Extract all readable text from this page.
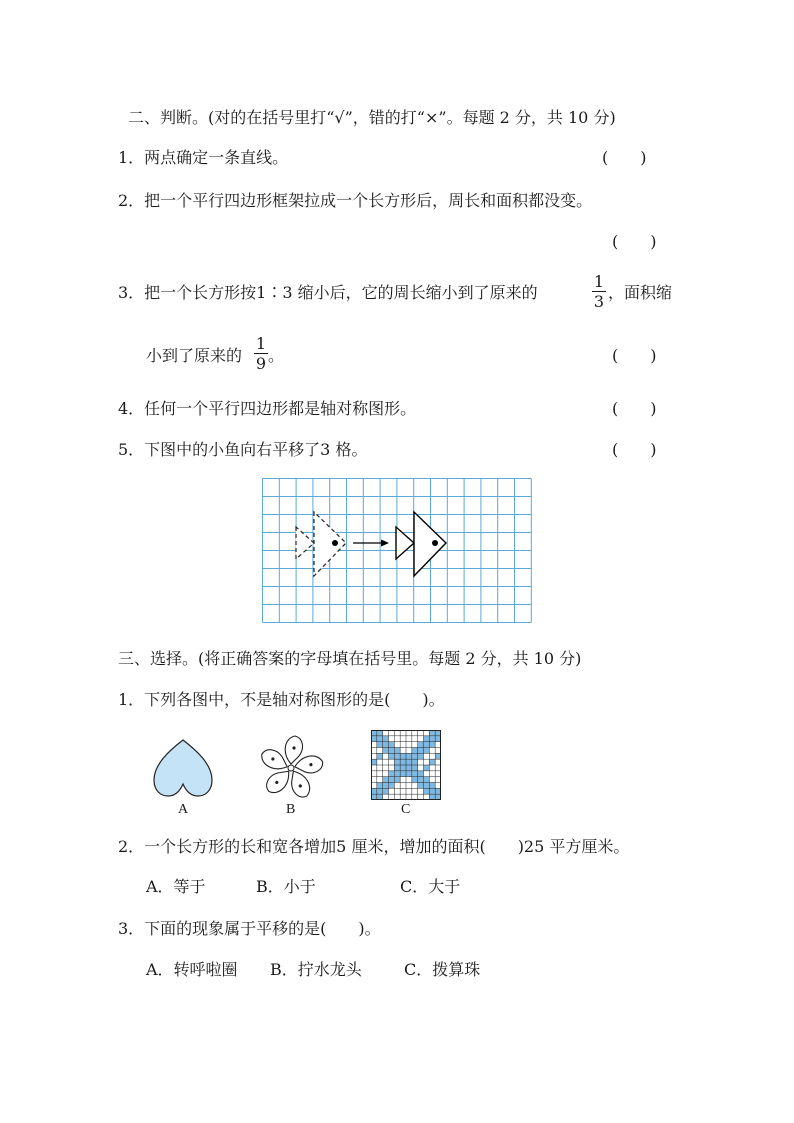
二、判断。(对的在括号里打“√”，错的打“×”。每题 2 分，共 10 分)
1．两点确定一条直线。	(　　)
2．把一个平行四边形框架拉成一个长方形后，周长和面积都没变。
(　　)
3．把一个长方形按1∶3 缩小后，它的周长缩小到了原来的
1
3 ，面积缩
小到了原来的
1
9 。	(　　)
4．任何一个平行四边形都是轴对称图形。	(　　)
5．下图中的小鱼向右平移了3 格。	(　　)
三、选择。(将正确答案的字母填在括号里。每题 2 分，共 10 分)
1．下列各图中，不是轴对称图形的是(　　)。
A	B	C
2．一个长方形的长和宽各增加5 厘米，增加的面积(　　)25 平方厘米。
A．等于	B．小于	C．大于
3．下面的现象属于平移的是(　　)。
A．转呼啦圈 B．拧水龙头	C．拨算珠
